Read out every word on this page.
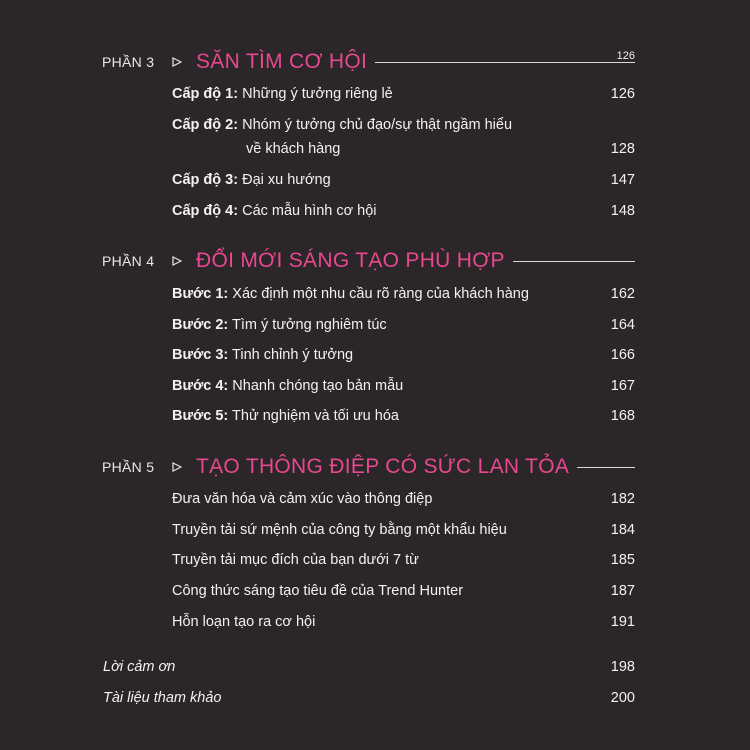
PHẦN 3	SĂN TÌM CƠ HỘI
Cấp độ 1: Những ý tưởng riêng lẻ	126
Cấp độ 2: Nhóm ý tưởng chủ đạo/sự thật ngầm hiểu
về khách hàng	128
Cấp độ 3: Đại xu hướng	147
Cấp độ 4: Các mẫu hình cơ hội	148
126
PHẦN 4	ĐỔI MỚI SÁNG TẠO PHÙ HỢP
Bước 1: Xác định một nhu cầu rõ ràng của khách hàng	162
Bước 2: Tìm ý tưởng nghiêm túc	164
Bước 3: Tinh chỉnh ý tưởng	166
Bước 4: Nhanh chóng tạo bản mẫu	167
Bước 5: Thử nghiệm và tối ưu hóa	168
PHẦN 5	TẠO THÔNG ĐIỆP CÓ SỨC LAN TỎA
Đưa văn hóa và cảm xúc vào thông điệp	182
Truyền tải sứ mệnh của công ty bằng một khẩu hiệu	184
Truyền tải mục đích của bạn dưới 7 từ	185
Công thức sáng tạo tiêu đề của Trend Hunter	187
Hỗn loạn tạo ra cơ hội	191
Lời cảm ơn	198
Tài liệu tham khảo	200
